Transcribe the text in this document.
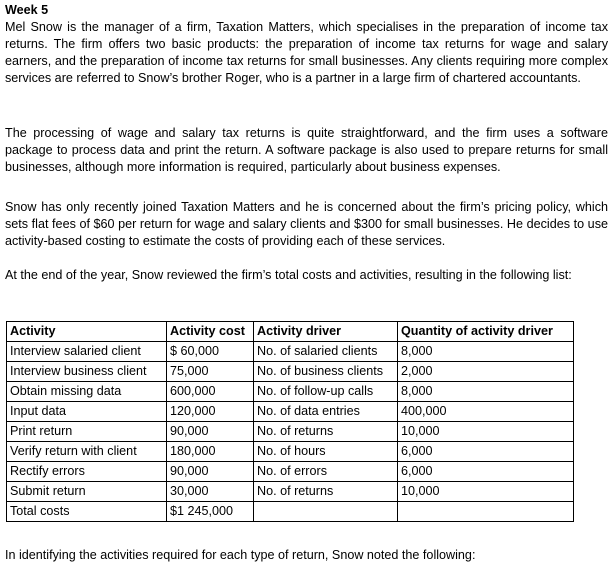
Week 5

Mel Snow is the manager of a firm, Taxation Matters, which specialises in the preparation of income tax returns. The firm offers two basic products: the preparation of income tax returns for wage and salary earners, and the preparation of income tax returns for small businesses. Any clients requiring more complex services are referred to Snow’s brother Roger, who is a partner in a large firm of chartered accountants.

The processing of wage and salary tax returns is quite straightforward, and the firm uses a software package to process data and print the return. A software package is also used to prepare returns for small businesses, although more information is required, particularly about business expenses.

Snow has only recently joined Taxation Matters and he is concerned about the firm’s pricing policy, which sets flat fees of $60 per return for wage and salary clients and $300 for small businesses. He decides to use activity-based costing to estimate the costs of providing each of these services.

At the end of the year, Snow reviewed the firm’s total costs and activities, resulting in the following list:

Activity	Activity cost	Activity driver	Quantity of activity driver
Interview salaried client	$ 60,000	No. of salaried clients	8,000
Interview business client	75,000	No. of business clients	2,000
Obtain missing data	600,000	No. of follow-up calls	8,000
Input data	120,000	No. of data entries	400,000
Print return	90,000	No. of returns	10,000
Verify return with client	180,000	No. of hours	6,000
Rectify errors	90,000	No. of errors	6,000
Submit return	30,000	No. of returns	10,000
Total costs	$1 245,000		

In identifying the activities required for each type of return, Snow noted the following:
